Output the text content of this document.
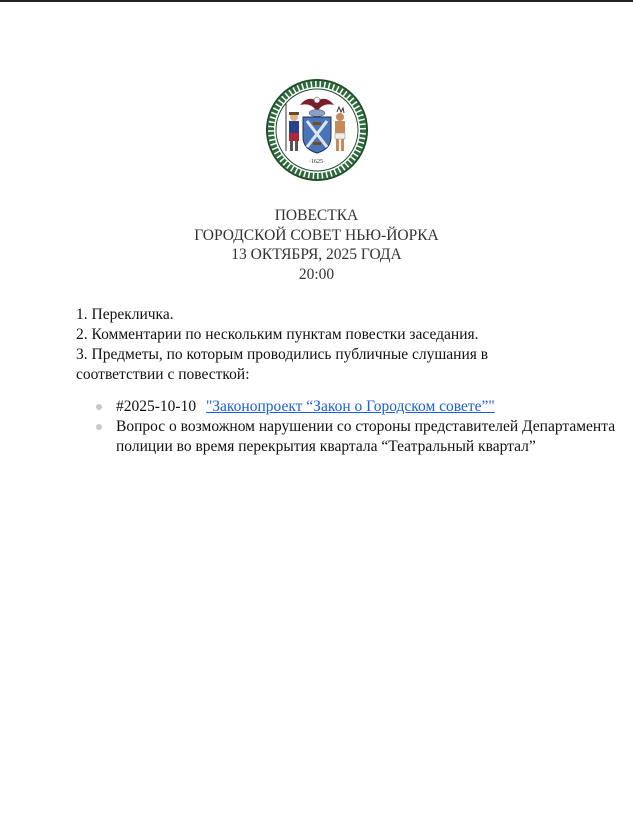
·1625·
ПОВЕСТКА
ГОРОДСКОЙ СОВЕТ НЬЮ-ЙОРКА
13 ОКТЯБРЯ, 2025 ГОДА
20:00

1. Перекличка.

2. Комментарии по нескольким пунктам повестки заседания.

3. Предметы, по которым проводились публичные слушания в соответствии с повесткой:

#2025-10-10 "Законопроект “Закон о Городском совете”"
Вопрос о возможном нарушении со стороны представителей Департамента полиции во время перекрытия квартала “Театральный квартал”
